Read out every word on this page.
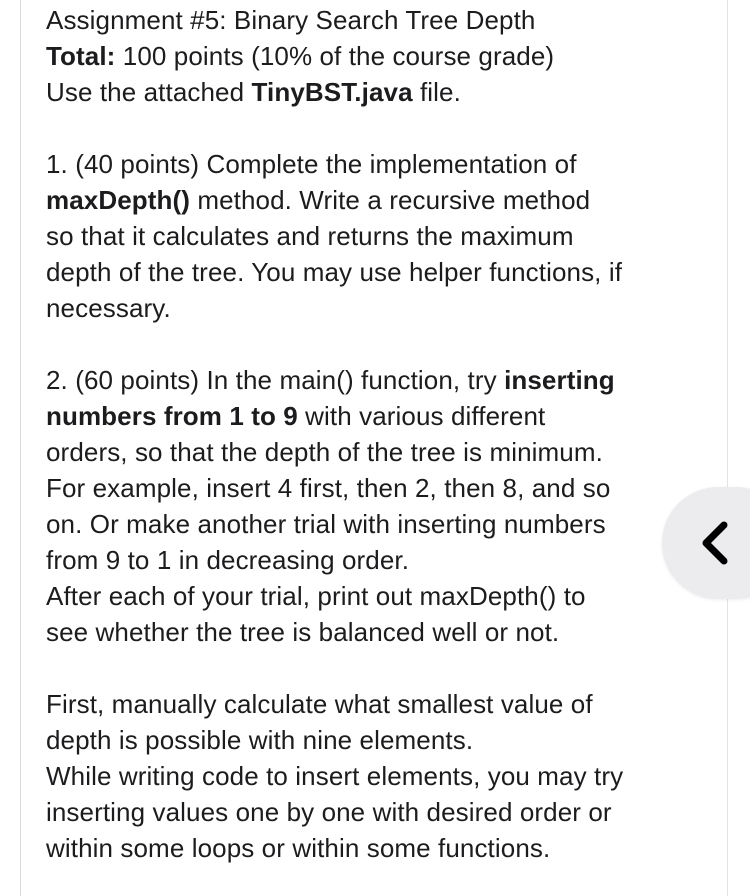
Assignment #5: Binary Search Tree Depth
Total: 100 points (10% of the course grade)
Use the attached TinyBST.java file.
1. (40 points) Complete the implementation of
maxDepth() method. Write a recursive method
so that it calculates and returns the maximum
depth of the tree. You may use helper functions, if
necessary.
2. (60 points) In the main() function, try inserting
numbers from 1 to 9 with various different
orders, so that the depth of the tree is minimum.
For example, insert 4 first, then 2, then 8, and so
on. Or make another trial with inserting numbers
from 9 to 1 in decreasing order.
After each of your trial, print out maxDepth() to
see whether the tree is balanced well or not.
First, manually calculate what smallest value of
depth is possible with nine elements.
While writing code to insert elements, you may try
inserting values one by one with desired order or
within some loops or within some functions.
